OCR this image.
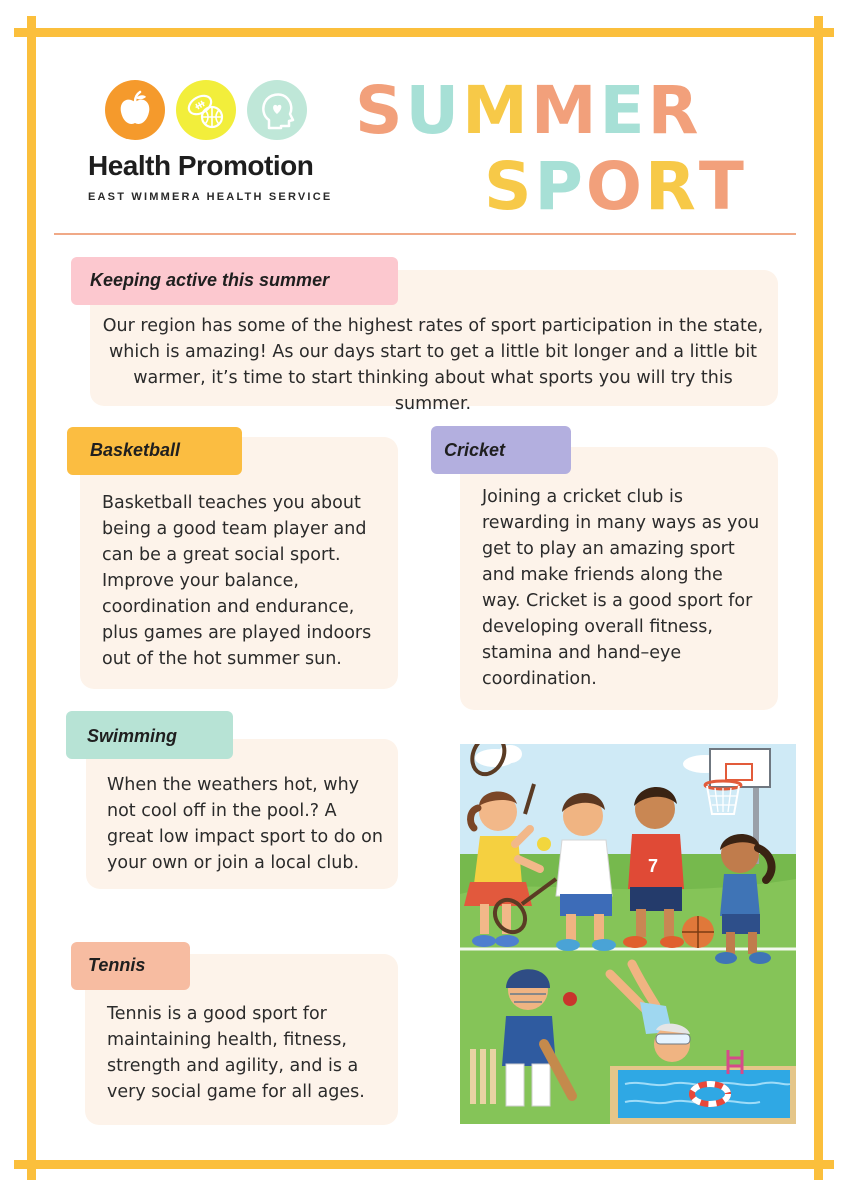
Health Promotion
EAST WIMMERA HEALTH SERVICE
SUMMER
SPORT
Keeping active this summer
Our region has some of the highest rates of sport participation in the state, which is amazing! As our days start to get a little bit longer and a little bit warmer, it’s time to start thinking about what sports you will try this summer.
Basketball
Basketball teaches you about being a good team player and can be a great social sport. Improve your balance, coordination and endurance, plus games are played indoors out of the hot summer sun.
Cricket
Joining a cricket club is rewarding in many ways as you get to play an amazing sport and make friends along the way. Cricket is a good sport for developing overall fitness, stamina and hand–eye coordination.
Swimming
When the weathers hot, why not cool off in the pool.? A great low impact sport to do on your own or join a local club.
Tennis
Tennis is a good sport for maintaining health, fitness, strength and agility, and is a very social game for all ages.
7
